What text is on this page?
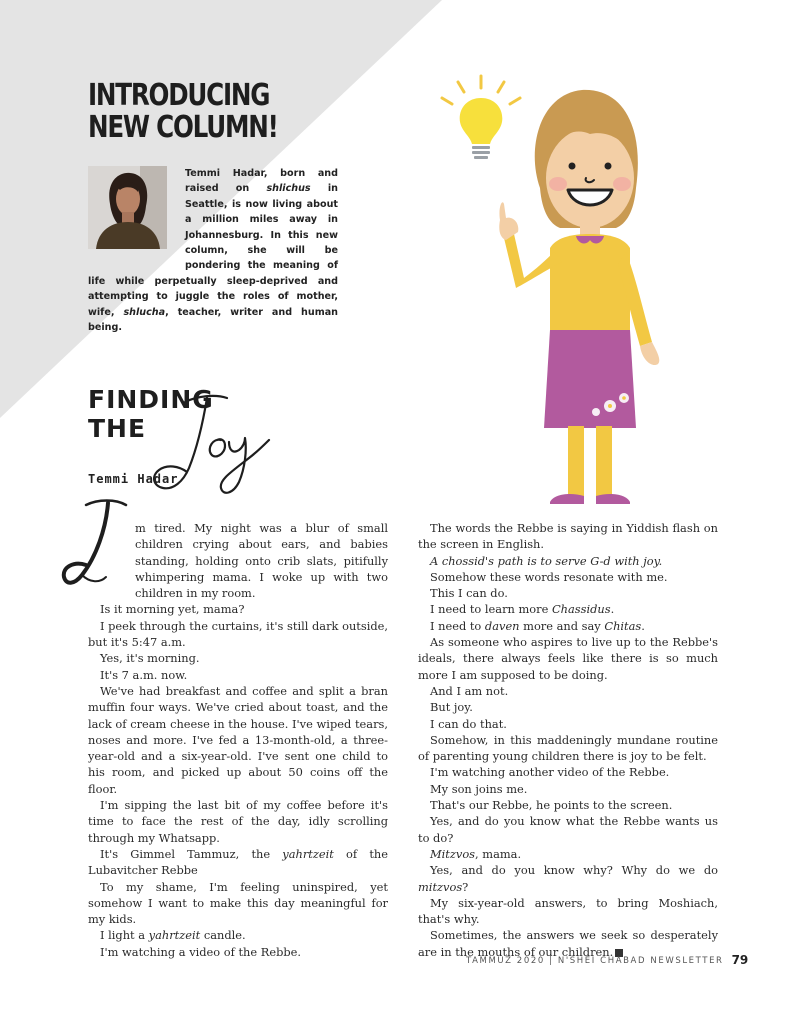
INTRODUCING
NEW COLUMN!

Temmi Hadar, born and raised on shlichus in Seattle, is now living about a million miles away in Johannesburg. In this new column, she will be pondering the meaning of life while perpetually sleep-deprived and attempting to juggle the roles of mother, wife, shlucha, teacher, writer and human being.

FINDING
THE
Temmi Hadar

m tired. My night was a blur of small children crying about ears, and babies standing, holding onto crib slats, pitifully whimpering mama. I woke up with two children in my room.

Is it morning yet, mama?

I peek through the curtains, it's still dark outside, but it's 5:47 a.m.

Yes, it's morning.

It's 7 a.m. now.

We've had breakfast and coffee and split a bran muffin four ways. We've cried about toast, and the lack of cream cheese in the house. I've wiped tears, noses and more. I've fed a 13-month-old, a three-year-old and a six-year-old. I've sent one child to his room, and picked up about 50 coins off the floor.

I'm sipping the last bit of my coffee before it's time to face the rest of the day, idly scrolling through my Whatsapp.

It's Gimmel Tammuz, the yahrtzeit of the Lubavitcher Rebbe

To my shame, I'm feeling uninspired, yet somehow I want to make this day meaningful for my kids.

I light a yahrtzeit candle.

I'm watching a video of the Rebbe.

The words the Rebbe is saying in Yiddish flash on the screen in English.

A chossid's path is to serve G-d with joy.

Somehow these words resonate with me.

This I can do.

I need to learn more Chassidus.

I need to daven more and say Chitas.

As someone who aspires to live up to the Rebbe's ideals, there always feels like there is so much more I am supposed to be doing.

And I am not.

But joy.

I can do that.

Somehow, in this maddeningly mundane routine of parenting young children there is joy to be felt.

I'm watching another video of the Rebbe.

My son joins me.

That's our Rebbe, he points to the screen.

Yes, and do you know what the Rebbe wants us to do?

Mitzvos, mama.

Yes, and do you know why? Why do we do mitzvos?

My six-year-old answers, to bring Moshiach, that's why.

Sometimes, the answers we seek so desperately are in the mouths of our children.

TAMMUZ 2020 | N'SHEI CHABAD NEWSLETTER 79
